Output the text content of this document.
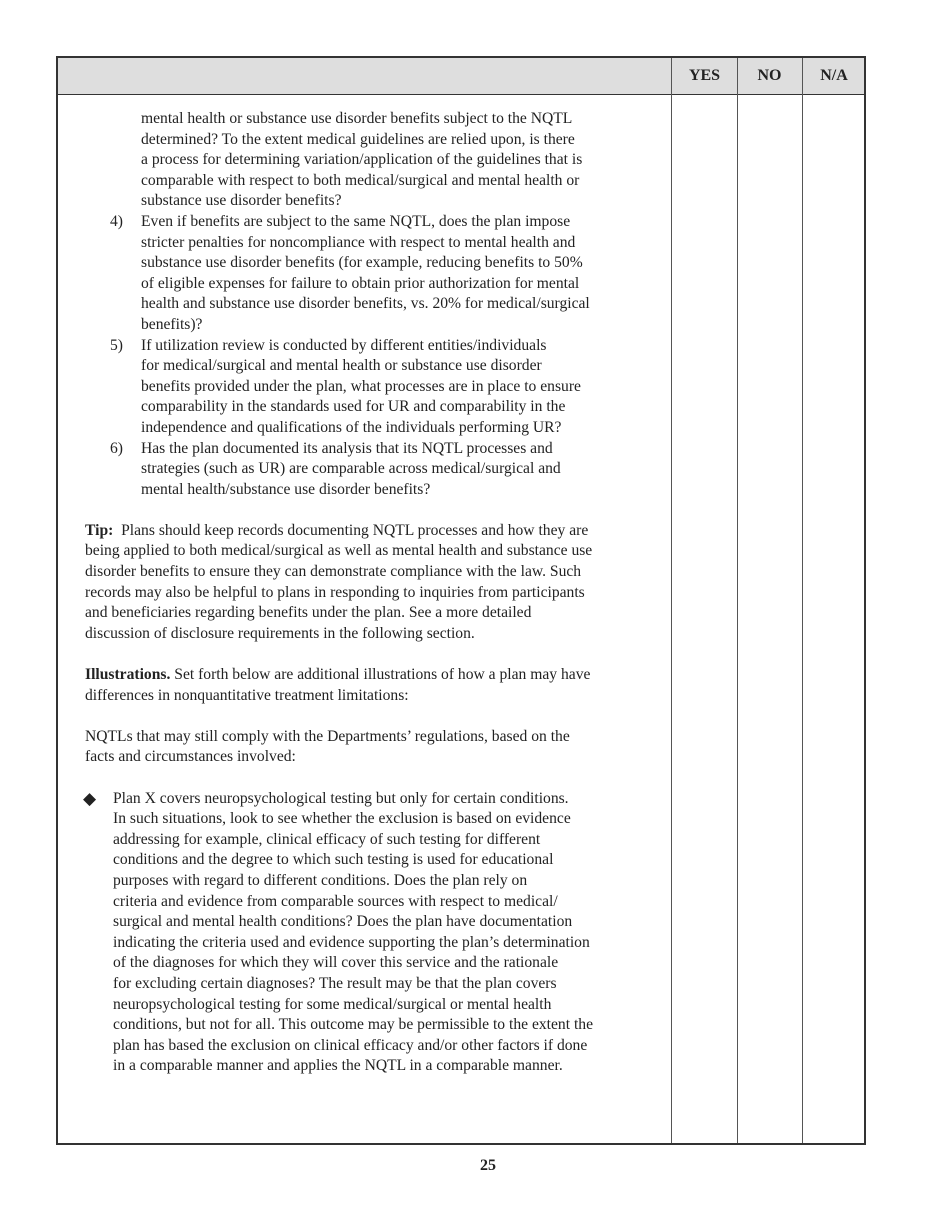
YES	NO	N/A

mental health or substance use disorder benefits subject to the NQTL

determined? To the extent medical guidelines are relied upon, is there

a process for determining variation/application of the guidelines that is

comparable with respect to both medical/surgical and mental health or

substance use disorder benefits?

4) Even if benefits are subject to the same NQTL, does the plan impose

stricter penalties for noncompliance with respect to mental health and

substance use disorder benefits (for example, reducing benefits to 50%

of eligible expenses for failure to obtain prior authorization for mental

health and substance use disorder benefits, vs. 20% for medical/surgical

benefits)?

5) If utilization review is conducted by different entities/individuals

for medical/surgical and mental health or substance use disorder

benefits provided under the plan, what processes are in place to ensure

comparability in the standards used for UR and comparability in the

independence and qualifications of the individuals performing UR?

6) Has the plan documented its analysis that its NQTL processes and

strategies (such as UR) are comparable across medical/surgical and

mental health/substance use disorder benefits?

Tip: Plans should keep records documenting NQTL processes and how they are

being applied to both medical/surgical as well as mental health and substance use

disorder benefits to ensure they can demonstrate compliance with the law. Such

records may also be helpful to plans in responding to inquiries from participants

and beneficiaries regarding benefits under the plan. See a more detailed

discussion of disclosure requirements in the following section.

Illustrations. Set forth below are additional illustrations of how a plan may have

differences in nonquantitative treatment limitations:

NQTLs that may still comply with the Departments’ regulations, based on the

facts and circumstances involved:

◆ Plan X covers neuropsychological testing but only for certain conditions.

In such situations, look to see whether the exclusion is based on evidence

addressing for example, clinical efficacy of such testing for different

conditions and the degree to which such testing is used for educational

purposes with regard to different conditions. Does the plan rely on

criteria and evidence from comparable sources with respect to medical/

surgical and mental health conditions? Does the plan have documentation

indicating the criteria used and evidence supporting the plan’s determination

of the diagnoses for which they will cover this service and the rationale

for excluding certain diagnoses? The result may be that the plan covers

neuropsychological testing for some medical/surgical or mental health

conditions, but not for all. This outcome may be permissible to the extent the

plan has based the exclusion on clinical efficacy and/or other factors if done

in a comparable manner and applies the NQTL in a comparable manner.

25
